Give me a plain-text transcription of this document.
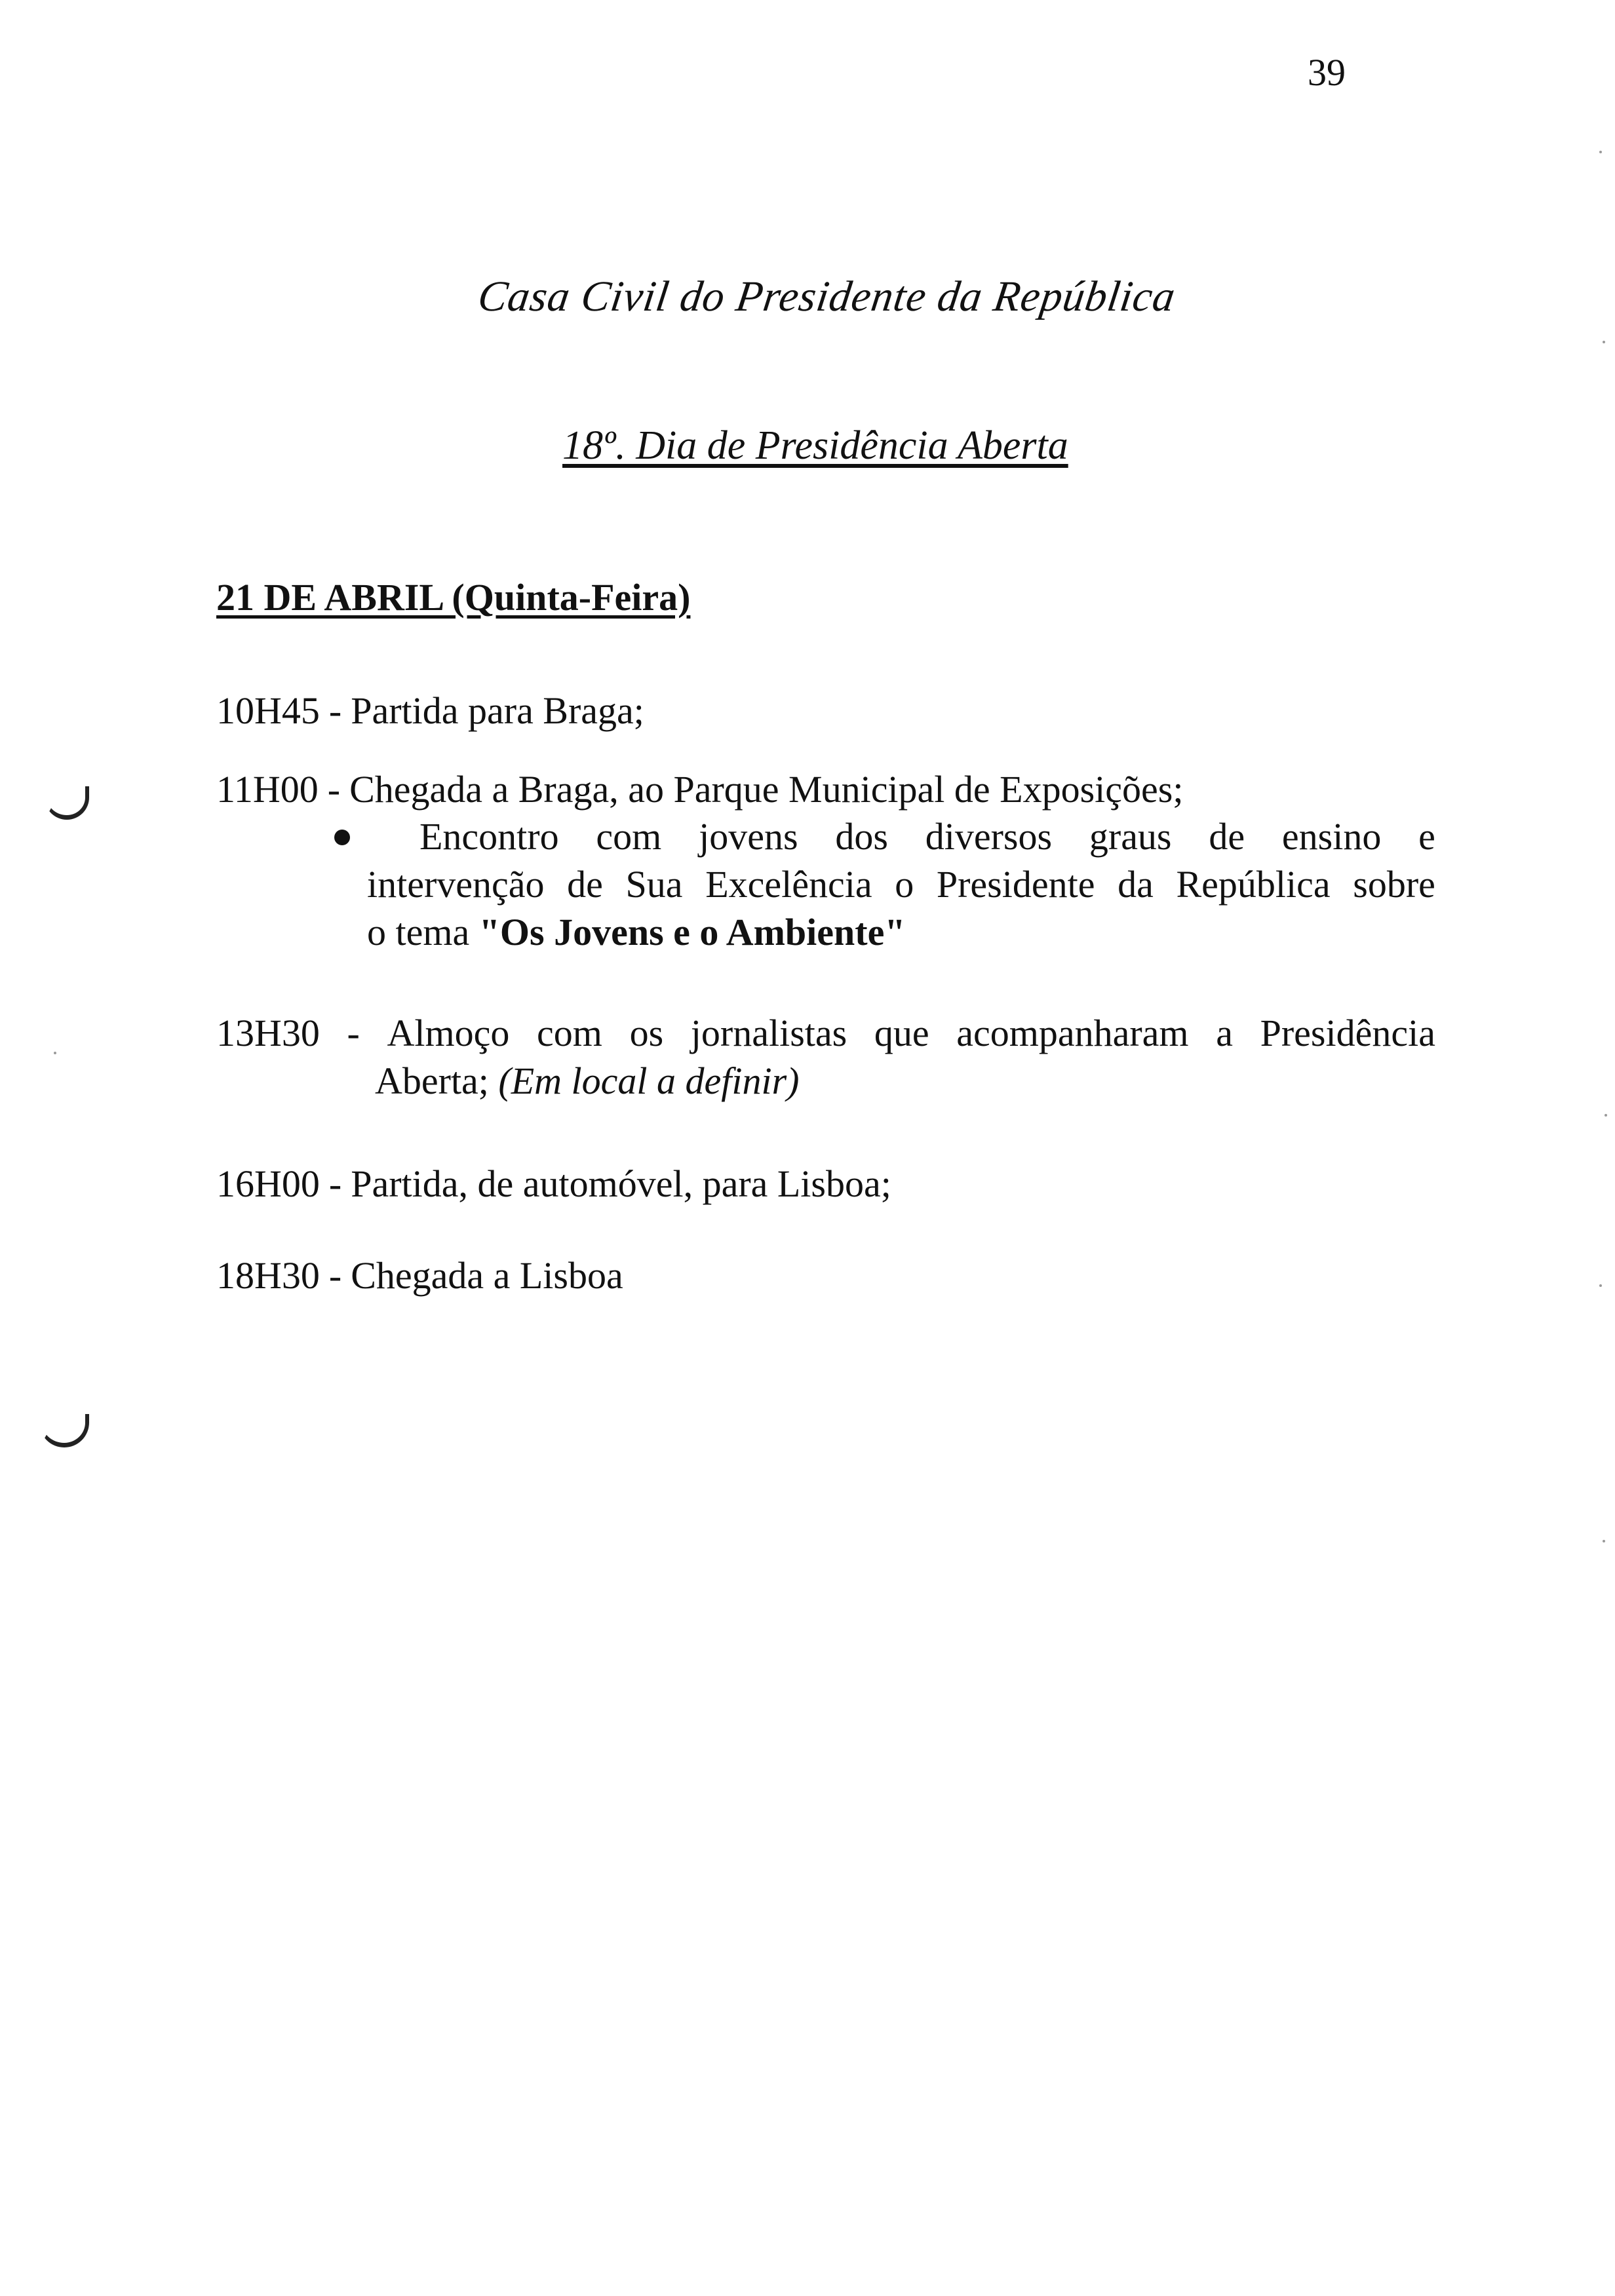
39
Casa Civil do Presidente da República
18º. Dia de Presidência Aberta
21 DE ABRIL (Quinta-Feira)
10H45 - Partida para Braga;
11H00 - Chegada a Braga, ao Parque Municipal de Exposições;
Encontro com jovens dos diversos graus de ensino e
intervenção de Sua Excelência o Presidente da República sobre
o tema "Os Jovens e o Ambiente"
13H30 - Almoço com os jornalistas que acompanharam a Presidência
Aberta; (Em local a definir)
16H00 - Partida, de automóvel, para Lisboa;
18H30 - Chegada a Lisboa
